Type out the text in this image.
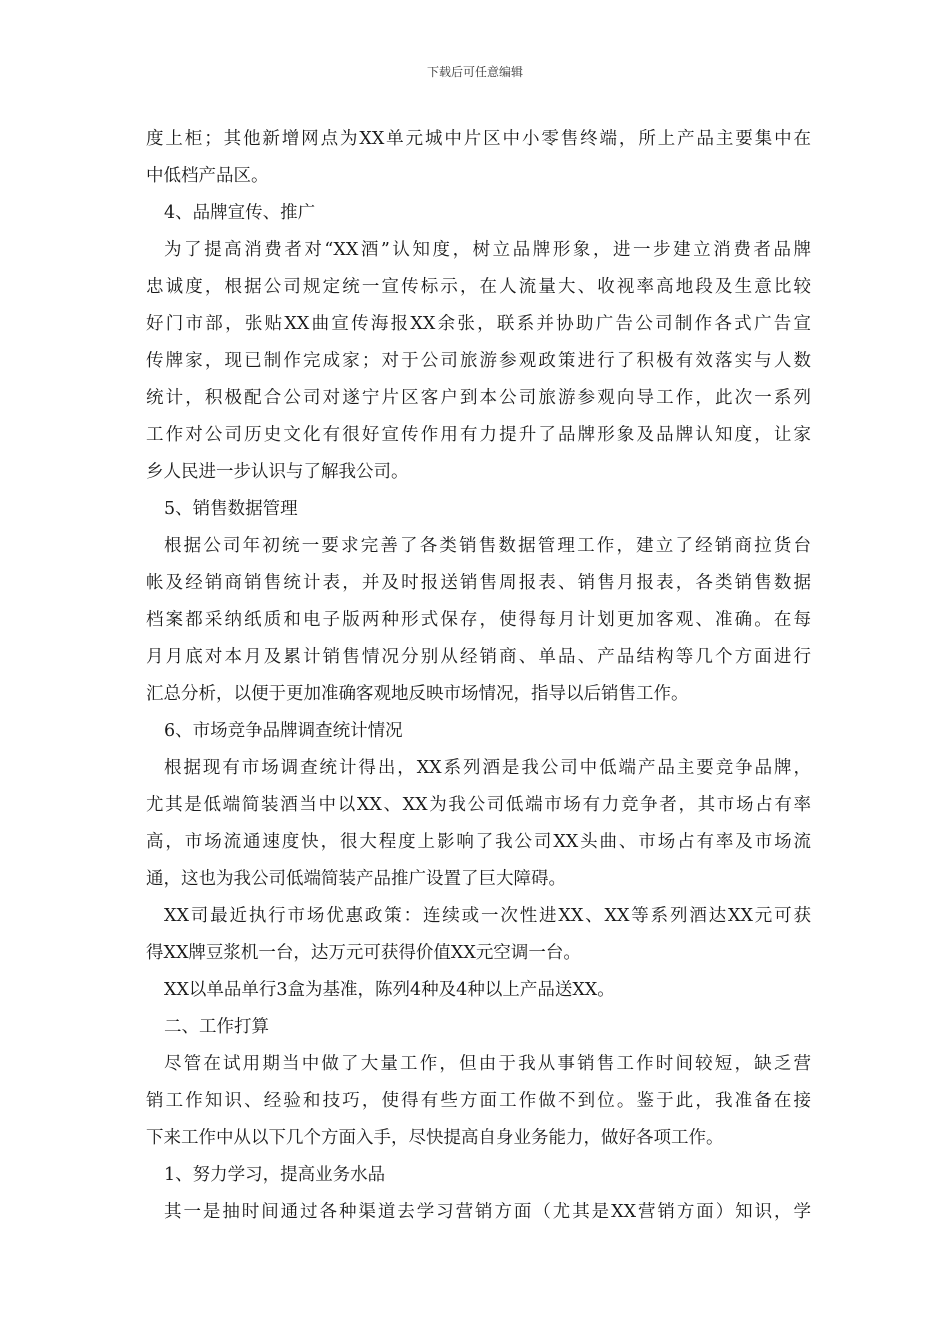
下载后可任意编辑
度上柜；其他新增网点为XX单元城中片区中小零售终端，所上产品主要集中在
中低档产品区。
4、品牌宣传、推广
为了提高消费者对“XX酒”认知度，树立品牌形象，进一步建立消费者品牌
忠诚度，根据公司规定统一宣传标示，在人流量大、收视率高地段及生意比较
好门市部，张贴XX曲宣传海报XX余张，联系并协助广告公司制作各式广告宣
传牌家，现已制作完成家；对于公司旅游参观政策进行了积极有效落实与人数
统计，积极配合公司对遂宁片区客户到本公司旅游参观向导工作，此次一系列
工作对公司历史文化有很好宣传作用有力提升了品牌形象及品牌认知度，让家
乡人民进一步认识与了解我公司。
5、销售数据管理
根据公司年初统一要求完善了各类销售数据管理工作，建立了经销商拉货台
帐及经销商销售统计表，并及时报送销售周报表、销售月报表，各类销售数据
档案都采纳纸质和电子版两种形式保存，使得每月计划更加客观、准确。在每
月月底对本月及累计销售情况分别从经销商、单品、产品结构等几个方面进行
汇总分析，以便于更加准确客观地反映市场情况，指导以后销售工作。
6、市场竞争品牌调查统计情况
根据现有市场调查统计得出，XX系列酒是我公司中低端产品主要竞争品牌，
尤其是低端简装酒当中以XX、XX为我公司低端市场有力竞争者，其市场占有率
高，市场流通速度快，很大程度上影响了我公司XX头曲、市场占有率及市场流
通，这也为我公司低端简装产品推广设置了巨大障碍。
XX司最近执行市场优惠政策：连续或一次性进XX、XX等系列酒达XX元可获
得XX牌豆浆机一台，达万元可获得价值XX元空调一台。
XX以单品单行3盒为基准，陈列4种及4种以上产品送XX。
二、工作打算
尽管在试用期当中做了大量工作，但由于我从事销售工作时间较短，缺乏营
销工作知识、经验和技巧，使得有些方面工作做不到位。鉴于此，我准备在接
下来工作中从以下几个方面入手，尽快提高自身业务能力，做好各项工作。
1、努力学习，提高业务水品
其一是抽时间通过各种渠道去学习营销方面（尤其是XX营销方面）知识，学
